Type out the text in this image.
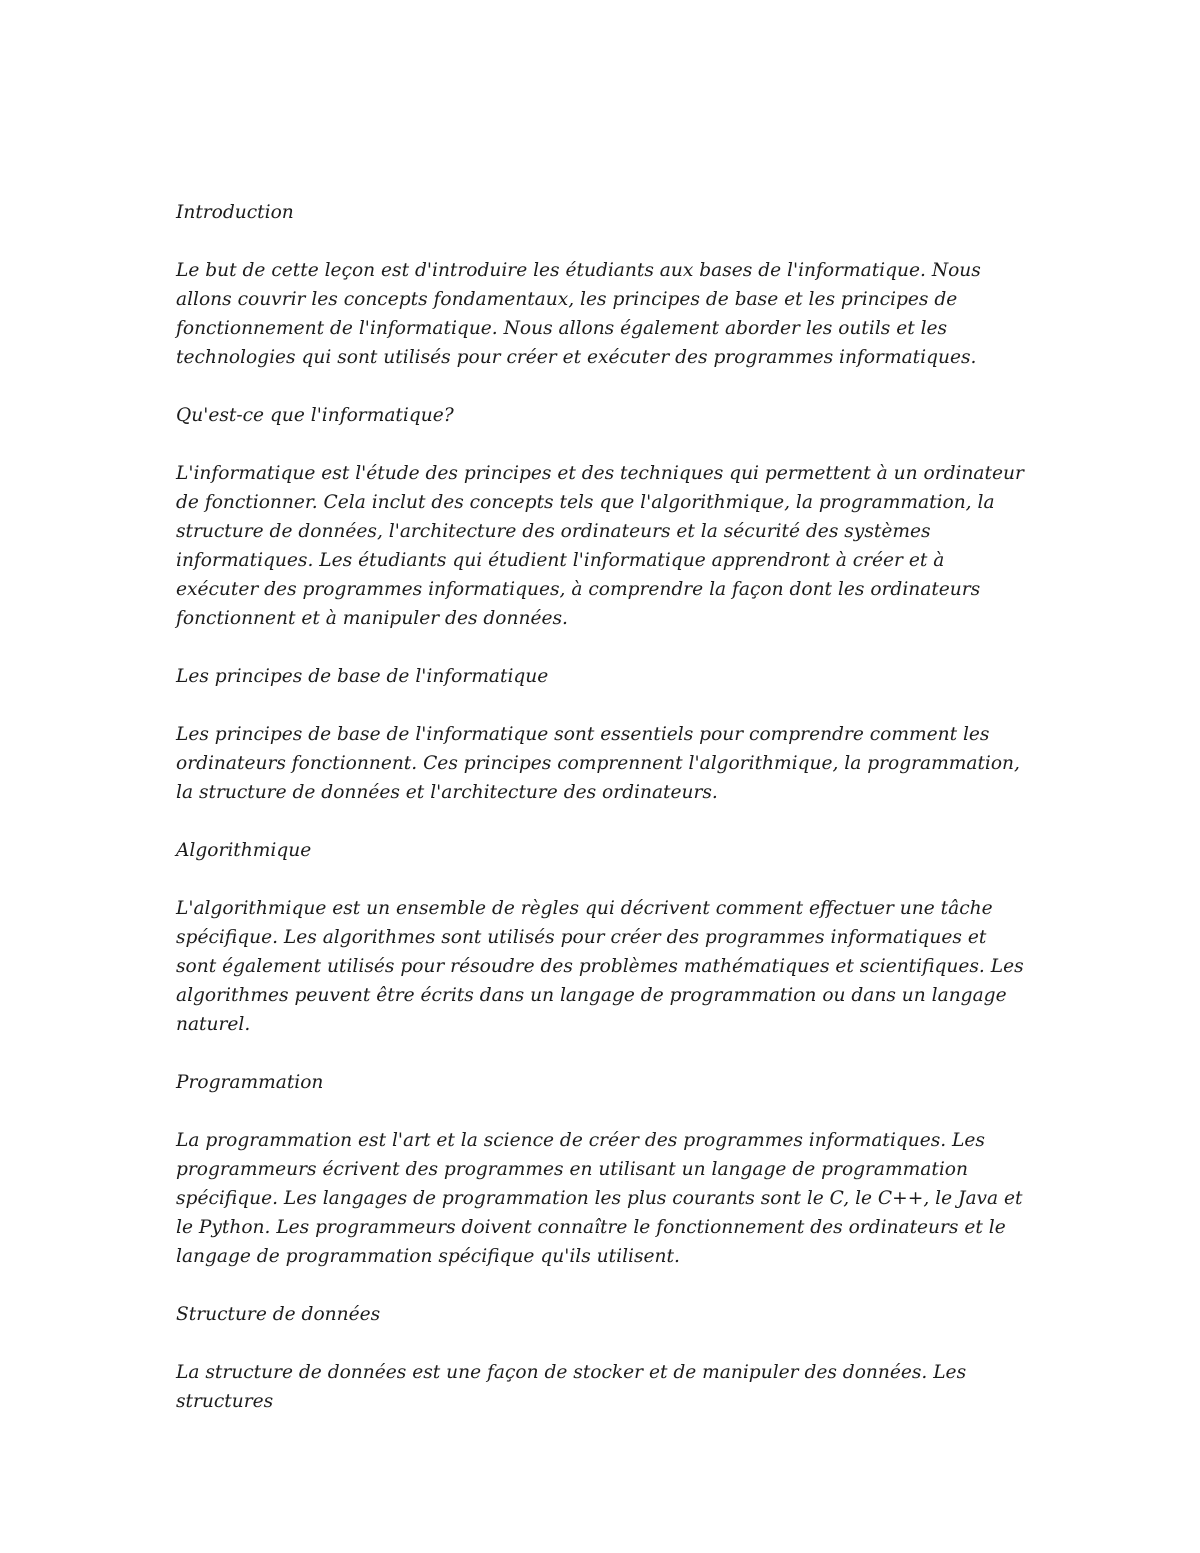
Introduction

Le but de cette leçon est d'introduire les étudiants aux bases de l'informatique. Nous allons couvrir les concepts fondamentaux, les principes de base et les principes de fonctionnement de l'informatique. Nous allons également aborder les outils et les technologies qui sont utilisés pour créer et exécuter des programmes informatiques.

Qu'est-ce que l'informatique?

L'informatique est l'étude des principes et des techniques qui permettent à un ordinateur de fonctionner. Cela inclut des concepts tels que l'algorithmique, la programmation, la structure de données, l'architecture des ordinateurs et la sécurité des systèmes informatiques. Les étudiants qui étudient l'informatique apprendront à créer et à exécuter des programmes informatiques, à comprendre la façon dont les ordinateurs fonctionnent et à manipuler des données.

Les principes de base de l'informatique

Les principes de base de l'informatique sont essentiels pour comprendre comment les ordinateurs fonctionnent. Ces principes comprennent l'algorithmique, la programmation, la structure de données et l'architecture des ordinateurs.

Algorithmique

L'algorithmique est un ensemble de règles qui décrivent comment effectuer une tâche spécifique. Les algorithmes sont utilisés pour créer des programmes informatiques et sont également utilisés pour résoudre des problèmes mathématiques et scientifiques. Les algorithmes peuvent être écrits dans un langage de programmation ou dans un langage naturel.

Programmation

La programmation est l'art et la science de créer des programmes informatiques. Les programmeurs écrivent des programmes en utilisant un langage de programmation spécifique. Les langages de programmation les plus courants sont le C, le C++, le Java et le Python. Les programmeurs doivent connaître le fonctionnement des ordinateurs et le langage de programmation spécifique qu'ils utilisent.

Structure de données

La structure de données est une façon de stocker et de manipuler des données. Les structures
